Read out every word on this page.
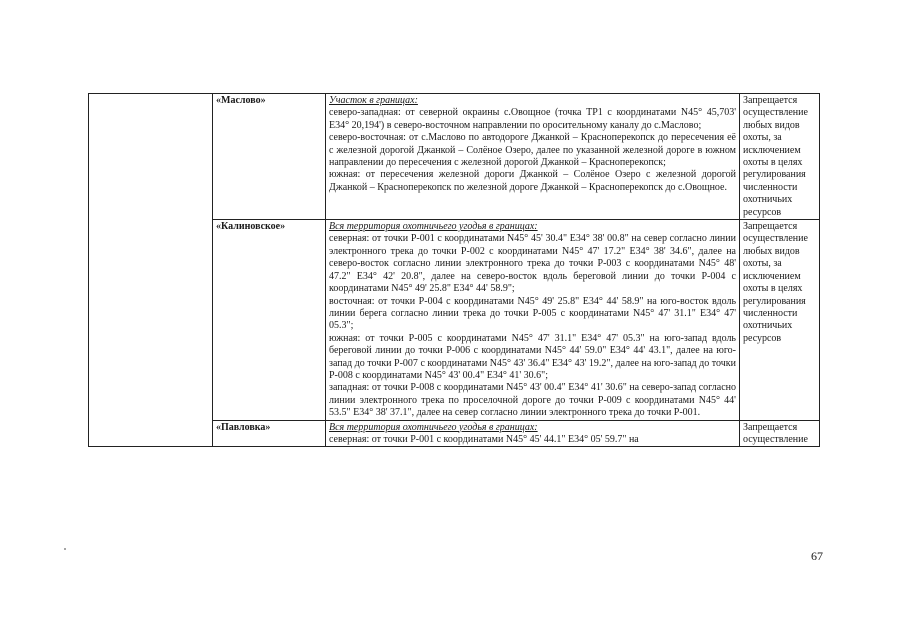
	«Маслово»	Участок в границах:

северо-западная: от северной окраины с.Овощное (точка ТР1 с координатами N45° 45,703' E34° 20,194') в северо-восточном направлении по оросительному каналу до с.Маслово;

северо-восточная: от с.Маслово по автодороге Джанкой – Красноперекопск до пересечения её с железной дорогой Джанкой – Солёное Озеро, далее по указанной железной дороге в южном направлении до пересечения с железной дорогой Джанкой – Красноперекопск;

южная: от пересечения железной дороги Джанкой – Солёное Озеро с железной дорогой Джанкой – Красноперекопск по железной дороге Джанкой – Красноперекопск до с.Овощное.	Запрещается осуществление любых видов охоты, за исключением охоты в целях регулирования численности охотничьих ресурсов

	«Калиновское»	Вся территория охотничьего угодья в границах:

северная: от точки Р-001 с координатами N45° 45' 30.4" E34° 38' 00.8" на север согласно линии электронного трека до точки Р-002 с координатами N45° 47' 17.2" E34° 38' 34.6", далее на северо-восток согласно линии электронного трека до точки Р-003 с координатами N45° 48' 47.2" E34° 42' 20.8", далее на северо-восток вдоль береговой линии до точки Р-004 с координатами N45° 49' 25.8" E34° 44' 58.9";

восточная: от точки Р-004 с координатами N45° 49' 25.8" E34° 44' 58.9" на юго-восток вдоль линии берега согласно линии трека до точки Р-005 с координатами N45° 47' 31.1" E34° 47' 05.3";

южная: от точки Р-005 с координатами N45° 47' 31.1" E34° 47' 05.3" на юго-запад вдоль береговой линии до точки Р-006 с координатами N45° 44' 59.0" E34° 44' 43.1", далее на юго-запад до точки Р-007 с координатами N45° 43' 36.4" E34° 43' 19.2", далее на юго-запад до точки Р-008 с координатами N45° 43' 00.4" E34° 41' 30.6";

западная: от точки Р-008 с координатами N45° 43' 00.4" E34° 41' 30.6" на северо-запад согласно линии электронного трека по проселочной дороге до точки Р-009 с координатами N45° 44' 53.5" E34° 38' 37.1", далее на север согласно линии электронного трека до точки Р-001.	Запрещается осуществление любых видов охоты, за исключением охоты в целях регулирования численности охотничьих ресурсов

	«Павловка»	Вся территория охотничьего угодья в границах:

северная: от точки Р-001 с координатами N45° 45' 44.1" E34° 05' 59.7" на	Запрещается осуществление

67
